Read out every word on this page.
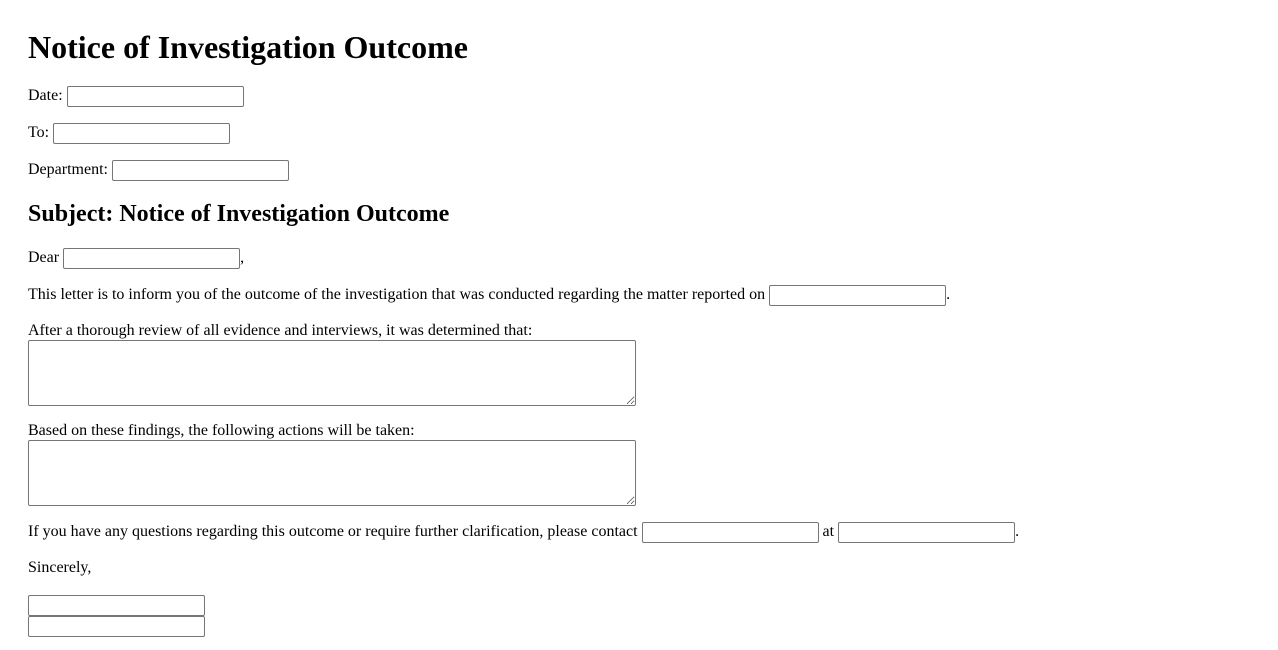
Notice of Investigation Outcome
Date:
To:
Department:
Subject: Notice of Investigation Outcome
Dear	,
This letter is to inform you of the outcome of the investigation that was conducted regarding the matter reported on	.
After a thorough review of all evidence and interviews, it was determined that:
Based on these findings, the following actions will be taken:
If you have any questions regarding this outcome or require further clarification, please contact	at	.
Sincerely,
